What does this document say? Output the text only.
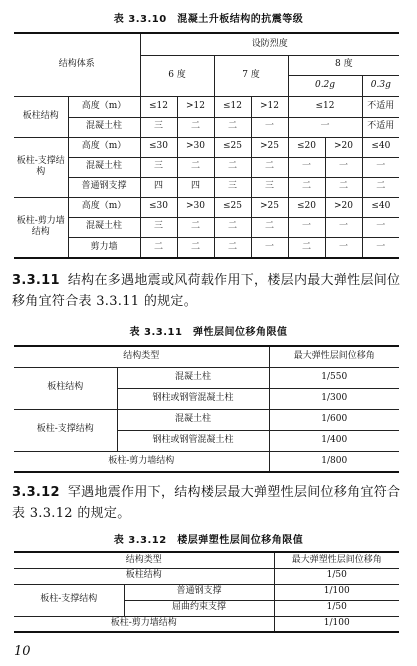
表 3.3.10　混凝土升板结构的抗震等级
结构体系		设防烈度						
		6 度		7 度		8 度		
						0.2g		0.3g
板柱结构	高度（m）	≤12	>12	≤12	>12	≤12		不适用
	混凝土柱	三	二	二	一	一		不适用
板柱-支撑结构	高度（m）	≤30	>30	≤25	>25	≤20	>20	≤40
	混凝土柱	三	二	二	二	一	一	一
	普通钢支撑	四	四	三	三	二	二	二
板柱-剪力墙结构	高度（m）	≤30	>30	≤25	>25	≤20	>20	≤40
	混凝土柱	三	二	二	二	一	一	一
	剪力墙	二	二	二	一	二	一	一
3.3.11 结构在多遇地震或风荷载作用下，楼层内最大弹性层间位移角宜符合表 3.3.11 的规定。
表 3.3.11　弹性层间位移角限值
结构类型		最大弹性层间位移角
板柱结构	混凝土柱	1/550
	钢柱或钢管混凝土柱	1/300
板柱-支撑结构	混凝土柱	1/600
	钢柱或钢管混凝土柱	1/400
板柱-剪力墙结构		1/800
3.3.12 罕遇地震作用下，结构楼层最大弹塑性层间位移角宜符合表 3.3.12 的规定。
表 3.3.12　楼层弹塑性层间位移角限值
结构类型		最大弹塑性层间位移角
板柱结构		1/50
板柱-支撑结构	普通钢支撑	1/100
	屈曲约束支撑	1/50
板柱-剪力墙结构		1/100
10
